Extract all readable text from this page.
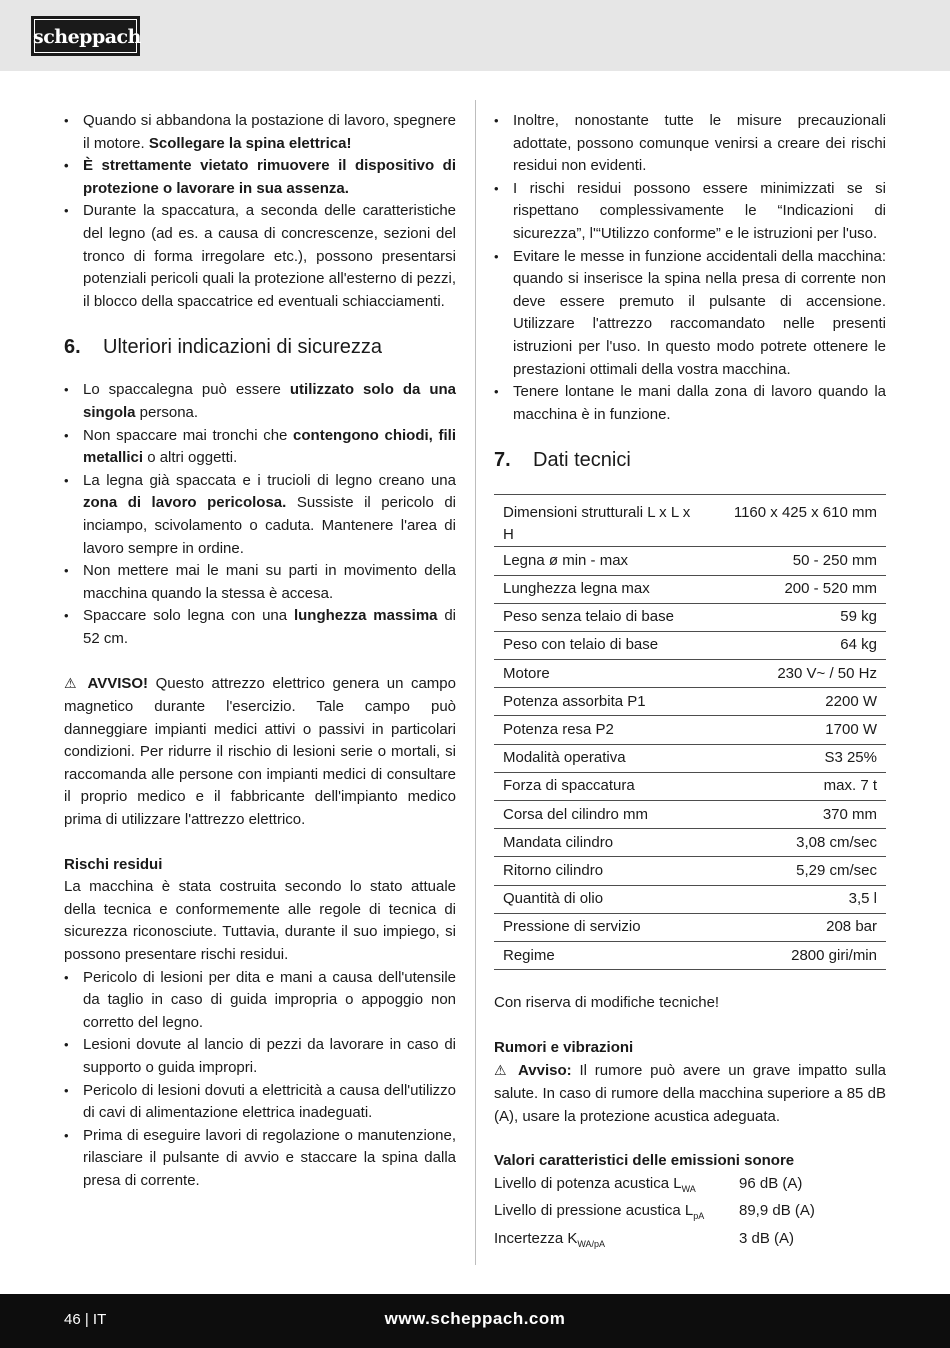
scheppach
• Quando si abbandona la postazione di lavoro, spegnere il motore. Scollegare la spina elettrica!
• È strettamente vietato rimuovere il dispositivo di protezione o lavorare in sua assenza.
• Durante la spaccatura, a seconda delle caratteristiche del legno (ad es. a causa di concrescenze, sezioni del tronco di forma irregolare etc.), possono presentarsi potenziali pericoli quali la protezione all'esterno di pezzi, il blocco della spaccatrice ed eventuali schiacciamenti.
6.	Ulteriori indicazioni di sicurezza
• Lo spaccalegna può essere utilizzato solo da una singola persona.
• Non spaccare mai tronchi che contengono chiodi, fili metallici o altri oggetti.
• La legna già spaccata e i trucioli di legno creano una zona di lavoro pericolosa. Sussiste il pericolo di inciampo, scivolamento o caduta. Mantenere l'area di lavoro sempre in ordine.
• Non mettere mai le mani su parti in movimento della macchina quando la stessa è accesa.
• Spaccare solo legna con una lunghezza massima di 52 cm.

⚠ AVVISO! Questo attrezzo elettrico genera un campo magnetico durante l'esercizio. Tale campo può danneggiare impianti medici attivi o passivi in particolari condizioni. Per ridurre il rischio di lesioni serie o mortali, si raccomanda alle persone con impianti medici di consultare il proprio medico e il fabbricante dell'impianto medico prima di utilizzare l'attrezzo elettrico.

Rischi residui

La macchina è stata costruita secondo lo stato attuale della tecnica e conformemente alle regole di tecnica di sicurezza riconosciute. Tuttavia, durante il suo impiego, si possono presentare rischi residui.

• Pericolo di lesioni per dita e mani a causa dell'utensile da taglio in caso di guida impropria o appoggio non corretto del legno.
• Lesioni dovute al lancio di pezzi da lavorare in caso di supporto o guida impropri.
• Pericolo di lesioni dovuti a elettricità a causa dell'utilizzo di cavi di alimentazione elettrica inadeguati.
• Prima di eseguire lavori di regolazione o manutenzione, rilasciare il pulsante di avvio e staccare la spina dalla presa di corrente.
• Inoltre, nonostante tutte le misure precauzionali adottate, possono comunque venirsi a creare dei rischi residui non evidenti.
• I rischi residui possono essere minimizzati se si rispettano complessivamente le “Indicazioni di sicurezza”, l'“Utilizzo conforme” e le istruzioni per l'uso.
• Evitare le messe in funzione accidentali della macchina: quando si inserisce la spina nella presa di corrente non deve essere premuto il pulsante di accensione. Utilizzare l'attrezzo raccomandato nelle presenti istruzioni per l'uso. In questo modo potrete ottenere le prestazioni ottimali della vostra macchina.
• Tenere lontane le mani dalla zona di lavoro quando la macchina è in funzione.
7.	Dati tecnici
Dimensioni strutturali L x L x H	1160 x 425 x 610 mm
Legna ø min - max	50 - 250 mm
Lunghezza legna max	200 - 520 mm
Peso senza telaio di base	59 kg
Peso con telaio di base	64 kg
Motore	230 V~ / 50 Hz
Potenza assorbita P1	2200 W
Potenza resa P2	1700 W
Modalità operativa	S3 25%
Forza di spaccatura	max. 7 t
Corsa del cilindro mm	370 mm
Mandata cilindro	3,08 cm/sec
Ritorno cilindro	5,29 cm/sec
Quantità di olio	3,5 l
Pressione di servizio	208 bar
Regime	2800 giri/min

Con riserva di modifiche tecniche!

Rumori e vibrazioni

⚠ Avviso: Il rumore può avere un grave impatto sulla salute. In caso di rumore della macchina superiore a 85 dB (A), usare la protezione acustica adeguata.

Valori caratteristici delle emissioni sonore
Livello di potenza acustica $L_{WA}$	96 dB (A)
Livello di pressione acustica $L_{pA}$	89,9 dB (A)
Incertezza $K_{WA/pA}$	3 dB (A)
46 | IT	www.scheppach.com
